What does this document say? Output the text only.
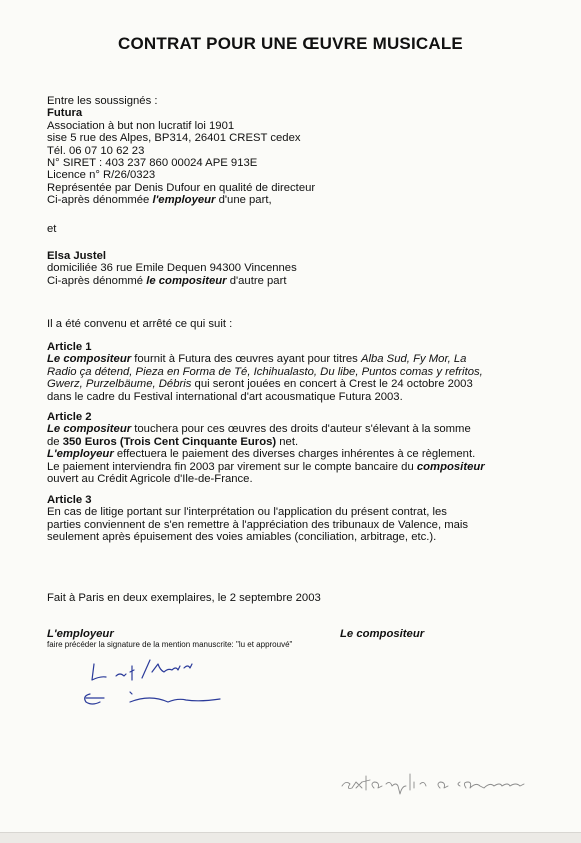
CONTRAT POUR UNE ŒUVRE MUSICALE
Entre les soussignés :
Futura
Association à but non lucratif loi 1901
sise 5 rue des Alpes, BP314, 26401 CREST cedex
Tél. 06 07 10 62 23
N° SIRET : 403 237 860 00024 APE 913E
Licence n° R/26/0323
Représentée par Denis Dufour en qualité de directeur
Ci-après dénommée l'employeur d'une part,
et
Elsa Justel
domiciliée 36 rue Emile Dequen 94300 Vincennes
Ci-après dénommé le compositeur d'autre part
Il a été convenu et arrêté ce qui suit :
Article 1
Le compositeur fournit à Futura des œuvres ayant pour titres Alba Sud, Fy Mor, La
Radio ça détend, Pieza en Forma de Té, Ichihualasto, Du libe, Puntos comas y refritos,
Gwerz, Purzelbäume, Débris qui seront jouées en concert à Crest le 24 octobre 2003
dans le cadre du Festival international d'art acousmatique Futura 2003.
Article 2
Le compositeur touchera pour ces œuvres des droits d'auteur s'élevant à la somme
de 350 Euros (Trois Cent Cinquante Euros) net.
L'employeur effectuera le paiement des diverses charges inhérentes à ce règlement.
Le paiement interviendra fin 2003 par virement sur le compte bancaire du compositeur
ouvert au Crédit Agricole d'Ile-de-France.
Article 3
En cas de litige portant sur l'interprétation ou l'application du présent contrat, les
parties conviennent de s'en remettre à l'appréciation des tribunaux de Valence, mais
seulement après épuisement des voies amiables (conciliation, arbitrage, etc.).
Fait à Paris en deux exemplaires, le 2 septembre 2003
L'employeur	Le compositeur
faire précéder la signature de la mention manuscrite: "lu et approuvé"
